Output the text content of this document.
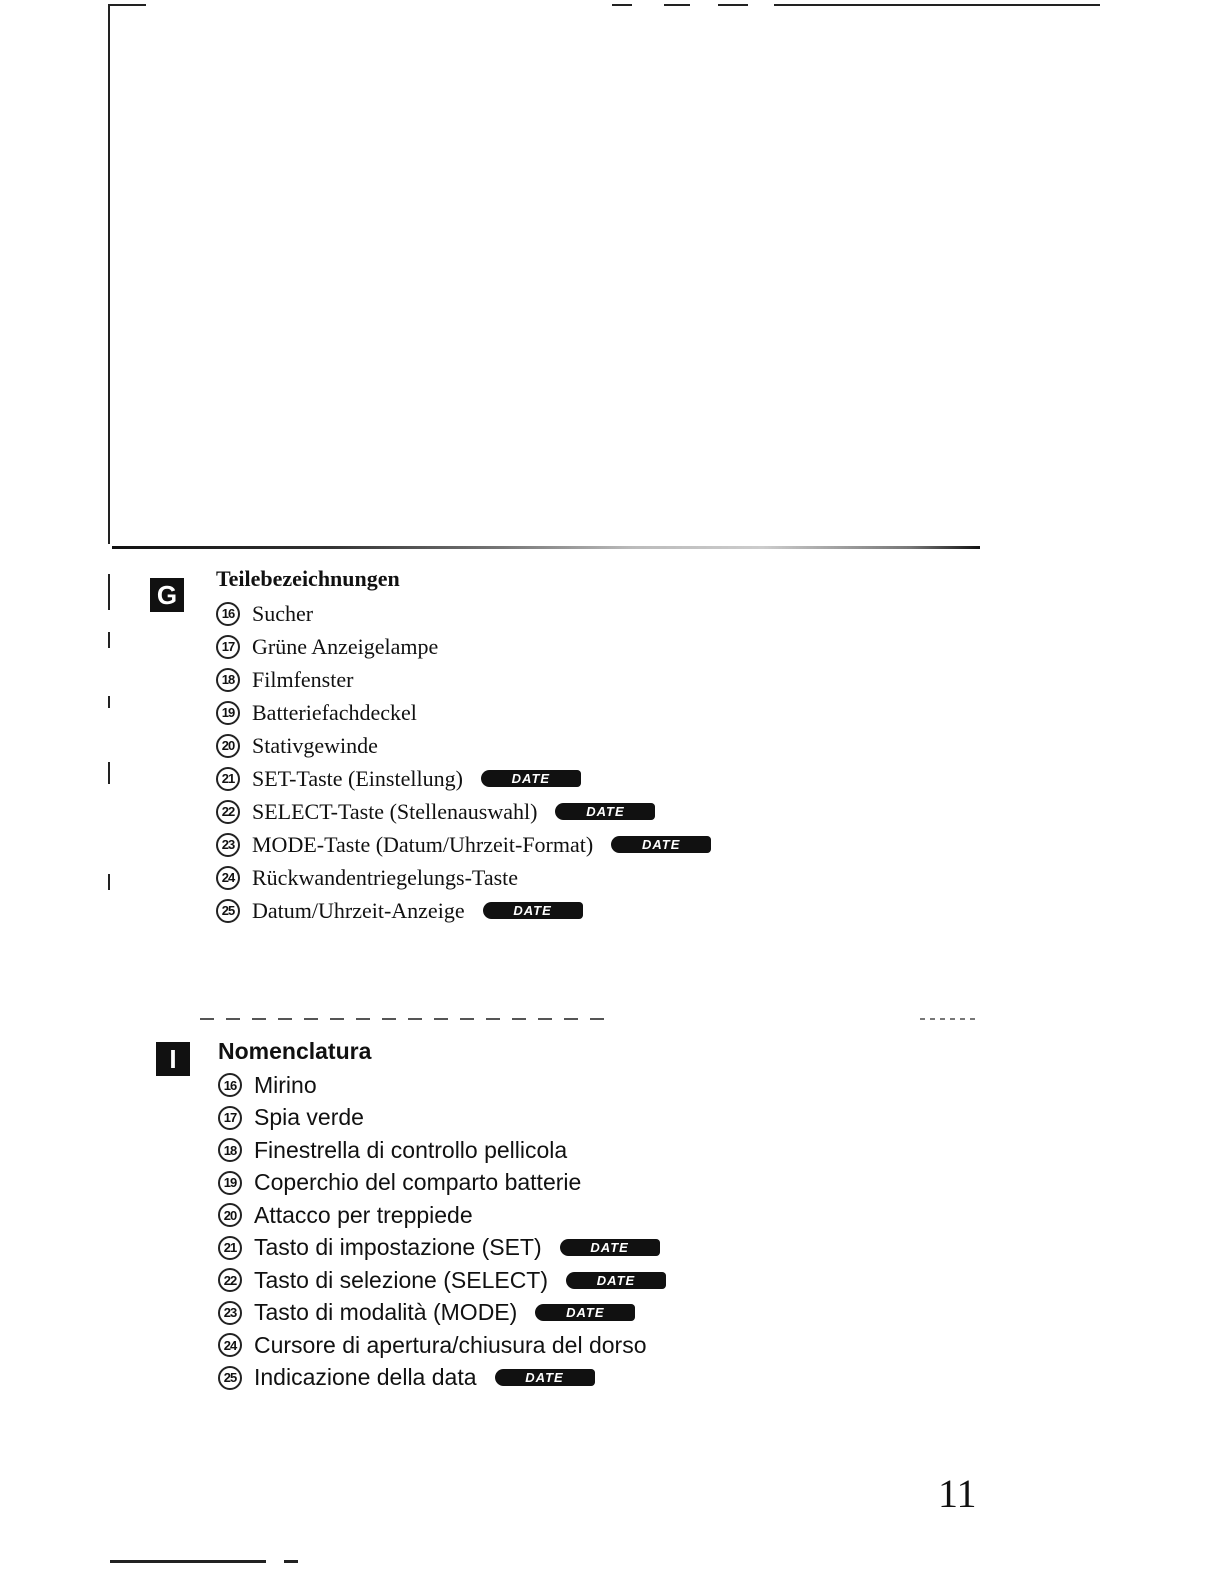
G
Teilebezeichnungen
16 Sucher
17 Grüne Anzeigelampe
18 Filmfenster
19 Batteriefachdeckel
20 Stativgewinde
21 SET-Taste (Einstellung)	DATE
22 SELECT-Taste (Stellenauswahl)	DATE
23 MODE-Taste (Datum/Uhrzeit-Format)	DATE
24 Rückwandentriegelungs-Taste
25 Datum/Uhrzeit-Anzeige	DATE
I	Nomenclatura
16 Mirino
17 Spia verde
18 Finestrella di controllo pellicola
19 Coperchio del comparto batterie
20 Attacco per treppiede
21 Tasto di impostazione (SET)	DATE
22 Tasto di selezione (SELECT)	DATE
23 Tasto di modalità (MODE)	DATE
24 Cursore di apertura/chiusura del dorso
25 Indicazione della data	DATE
11
